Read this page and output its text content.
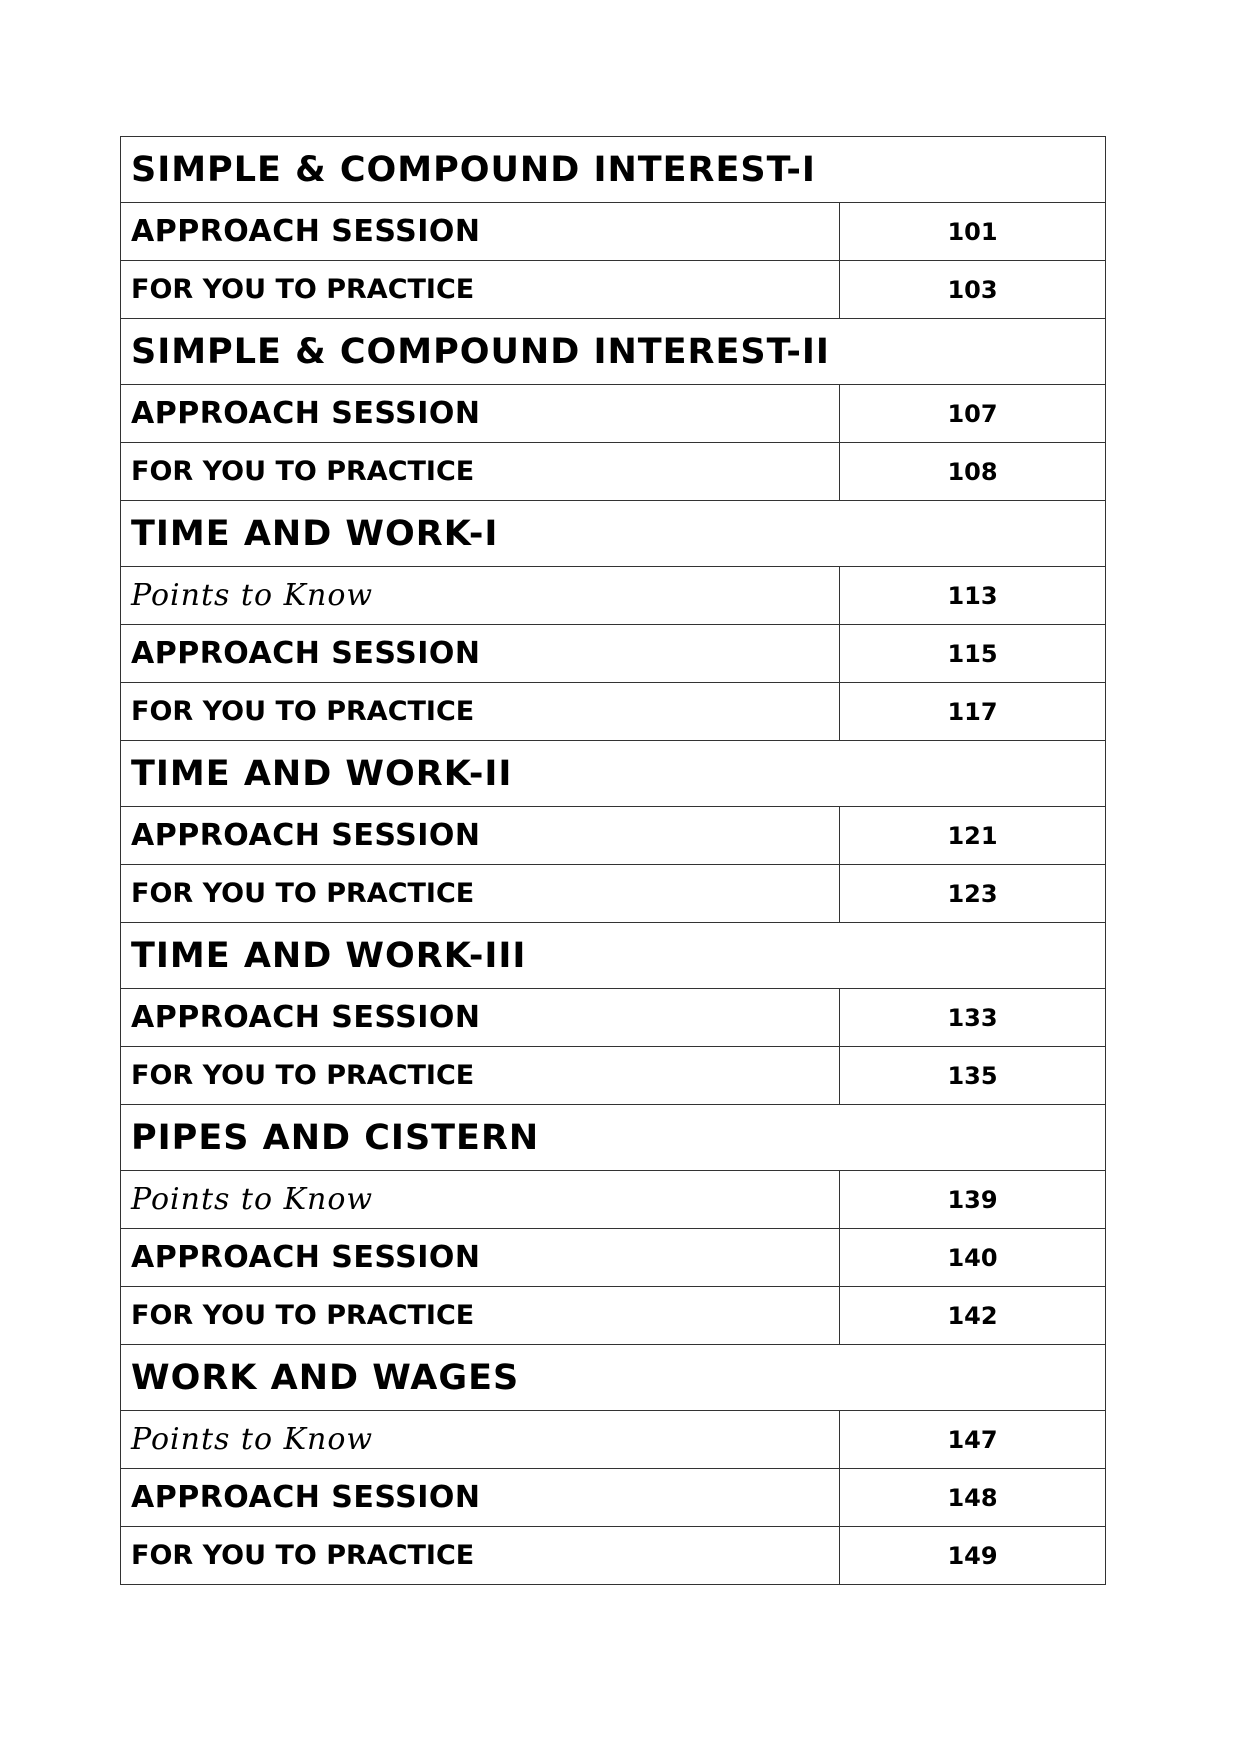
SIMPLE & COMPOUND INTEREST-I	
APPROACH SESSION	101
FOR YOU TO PRACTICE	103
SIMPLE & COMPOUND INTEREST-II	
APPROACH SESSION	107
FOR YOU TO PRACTICE	108
TIME AND WORK-I	
Points to Know	113
APPROACH SESSION	115
FOR YOU TO PRACTICE	117
TIME AND WORK-II	
APPROACH SESSION	121
FOR YOU TO PRACTICE	123
TIME AND WORK-III	
APPROACH SESSION	133
FOR YOU TO PRACTICE	135
PIPES AND CISTERN	
Points to Know	139
APPROACH SESSION	140
FOR YOU TO PRACTICE	142
WORK AND WAGES	
Points to Know	147
APPROACH SESSION	148
FOR YOU TO PRACTICE	149
